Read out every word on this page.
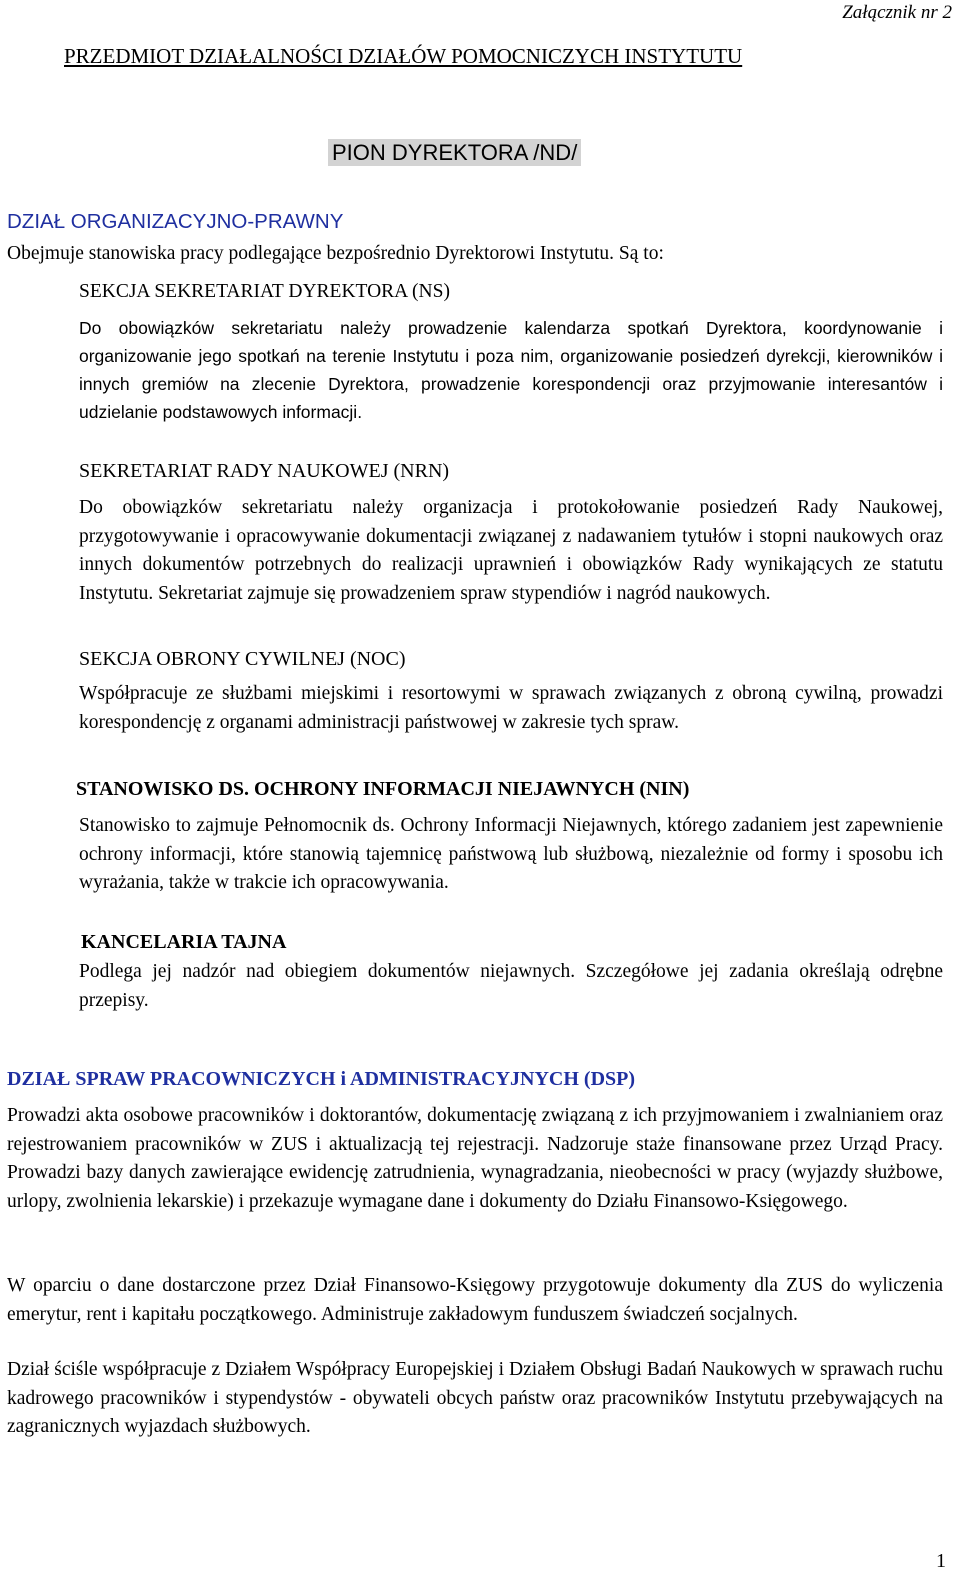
Załącznik nr 2
PRZEDMIOT DZIAŁALNOŚCI DZIAŁÓW POMOCNICZYCH INSTYTUTU
PION DYREKTORA /ND/
DZIAŁ ORGANIZACYJNO-PRAWNY
Obejmuje stanowiska pracy podlegające bezpośrednio Dyrektorowi Instytutu. Są to:
SEKCJA SEKRETARIAT DYREKTORA (NS)
Do obowiązków sekretariatu należy prowadzenie kalendarza spotkań Dyrektora, koordynowanie i organizowanie jego spotkań na terenie Instytutu i poza nim, organizowanie posiedzeń dyrekcji, kierowników i innych gremiów na zlecenie Dyrektora, prowadzenie korespondencji oraz przyjmowanie interesantów i udzielanie podstawowych informacji.
SEKRETARIAT RADY NAUKOWEJ (NRN)
Do obowiązków sekretariatu należy organizacja i protokołowanie posiedzeń Rady Naukowej, przygotowywanie i opracowywanie dokumentacji związanej z nadawaniem tytułów i stopni naukowych oraz innych dokumentów potrzebnych do realizacji uprawnień i obowiązków Rady wynikających ze statutu Instytutu. Sekretariat zajmuje się prowadzeniem spraw stypendiów i nagród naukowych.
SEKCJA OBRONY CYWILNEJ (NOC)
Współpracuje ze służbami miejskimi i resortowymi w sprawach związanych z obroną cywilną, prowadzi korespondencję z organami administracji państwowej w zakresie tych spraw.
STANOWISKO DS. OCHRONY INFORMACJI NIEJAWNYCH (NIN)
Stanowisko to zajmuje Pełnomocnik ds. Ochrony Informacji Niejawnych, którego zadaniem jest zapewnienie ochrony informacji, które stanowią tajemnicę państwową lub służbową, niezależnie od formy i sposobu ich wyrażania, także w trakcie ich opracowywania.
KANCELARIA TAJNA
Podlega jej nadzór nad obiegiem dokumentów niejawnych. Szczegółowe jej zadania określają odrębne przepisy.
DZIAŁ SPRAW PRACOWNICZYCH i ADMINISTRACYJNYCH (DSP)
Prowadzi akta osobowe pracowników i doktorantów, dokumentację związaną z ich przyjmowaniem i zwalnianiem oraz rejestrowaniem pracowników w ZUS i aktualizacją tej rejestracji. Nadzoruje staże finansowane przez Urząd Pracy. Prowadzi bazy danych zawierające ewidencję zatrudnienia, wynagradzania, nieobecności w pracy (wyjazdy służbowe, urlopy, zwolnienia lekarskie) i przekazuje wymagane dane i dokumenty do Działu Finansowo-Księgowego.
W oparciu o dane dostarczone przez Dział Finansowo-Księgowy przygotowuje dokumenty dla ZUS do wyliczenia emerytur, rent i kapitału początkowego. Administruje zakładowym funduszem świadczeń socjalnych.
Dział ściśle współpracuje z Działem Współpracy Europejskiej i Działem Obsługi Badań Naukowych w sprawach ruchu kadrowego pracowników i stypendystów - obywateli obcych państw oraz pracowników Instytutu przebywających na zagranicznych wyjazdach służbowych.
1
